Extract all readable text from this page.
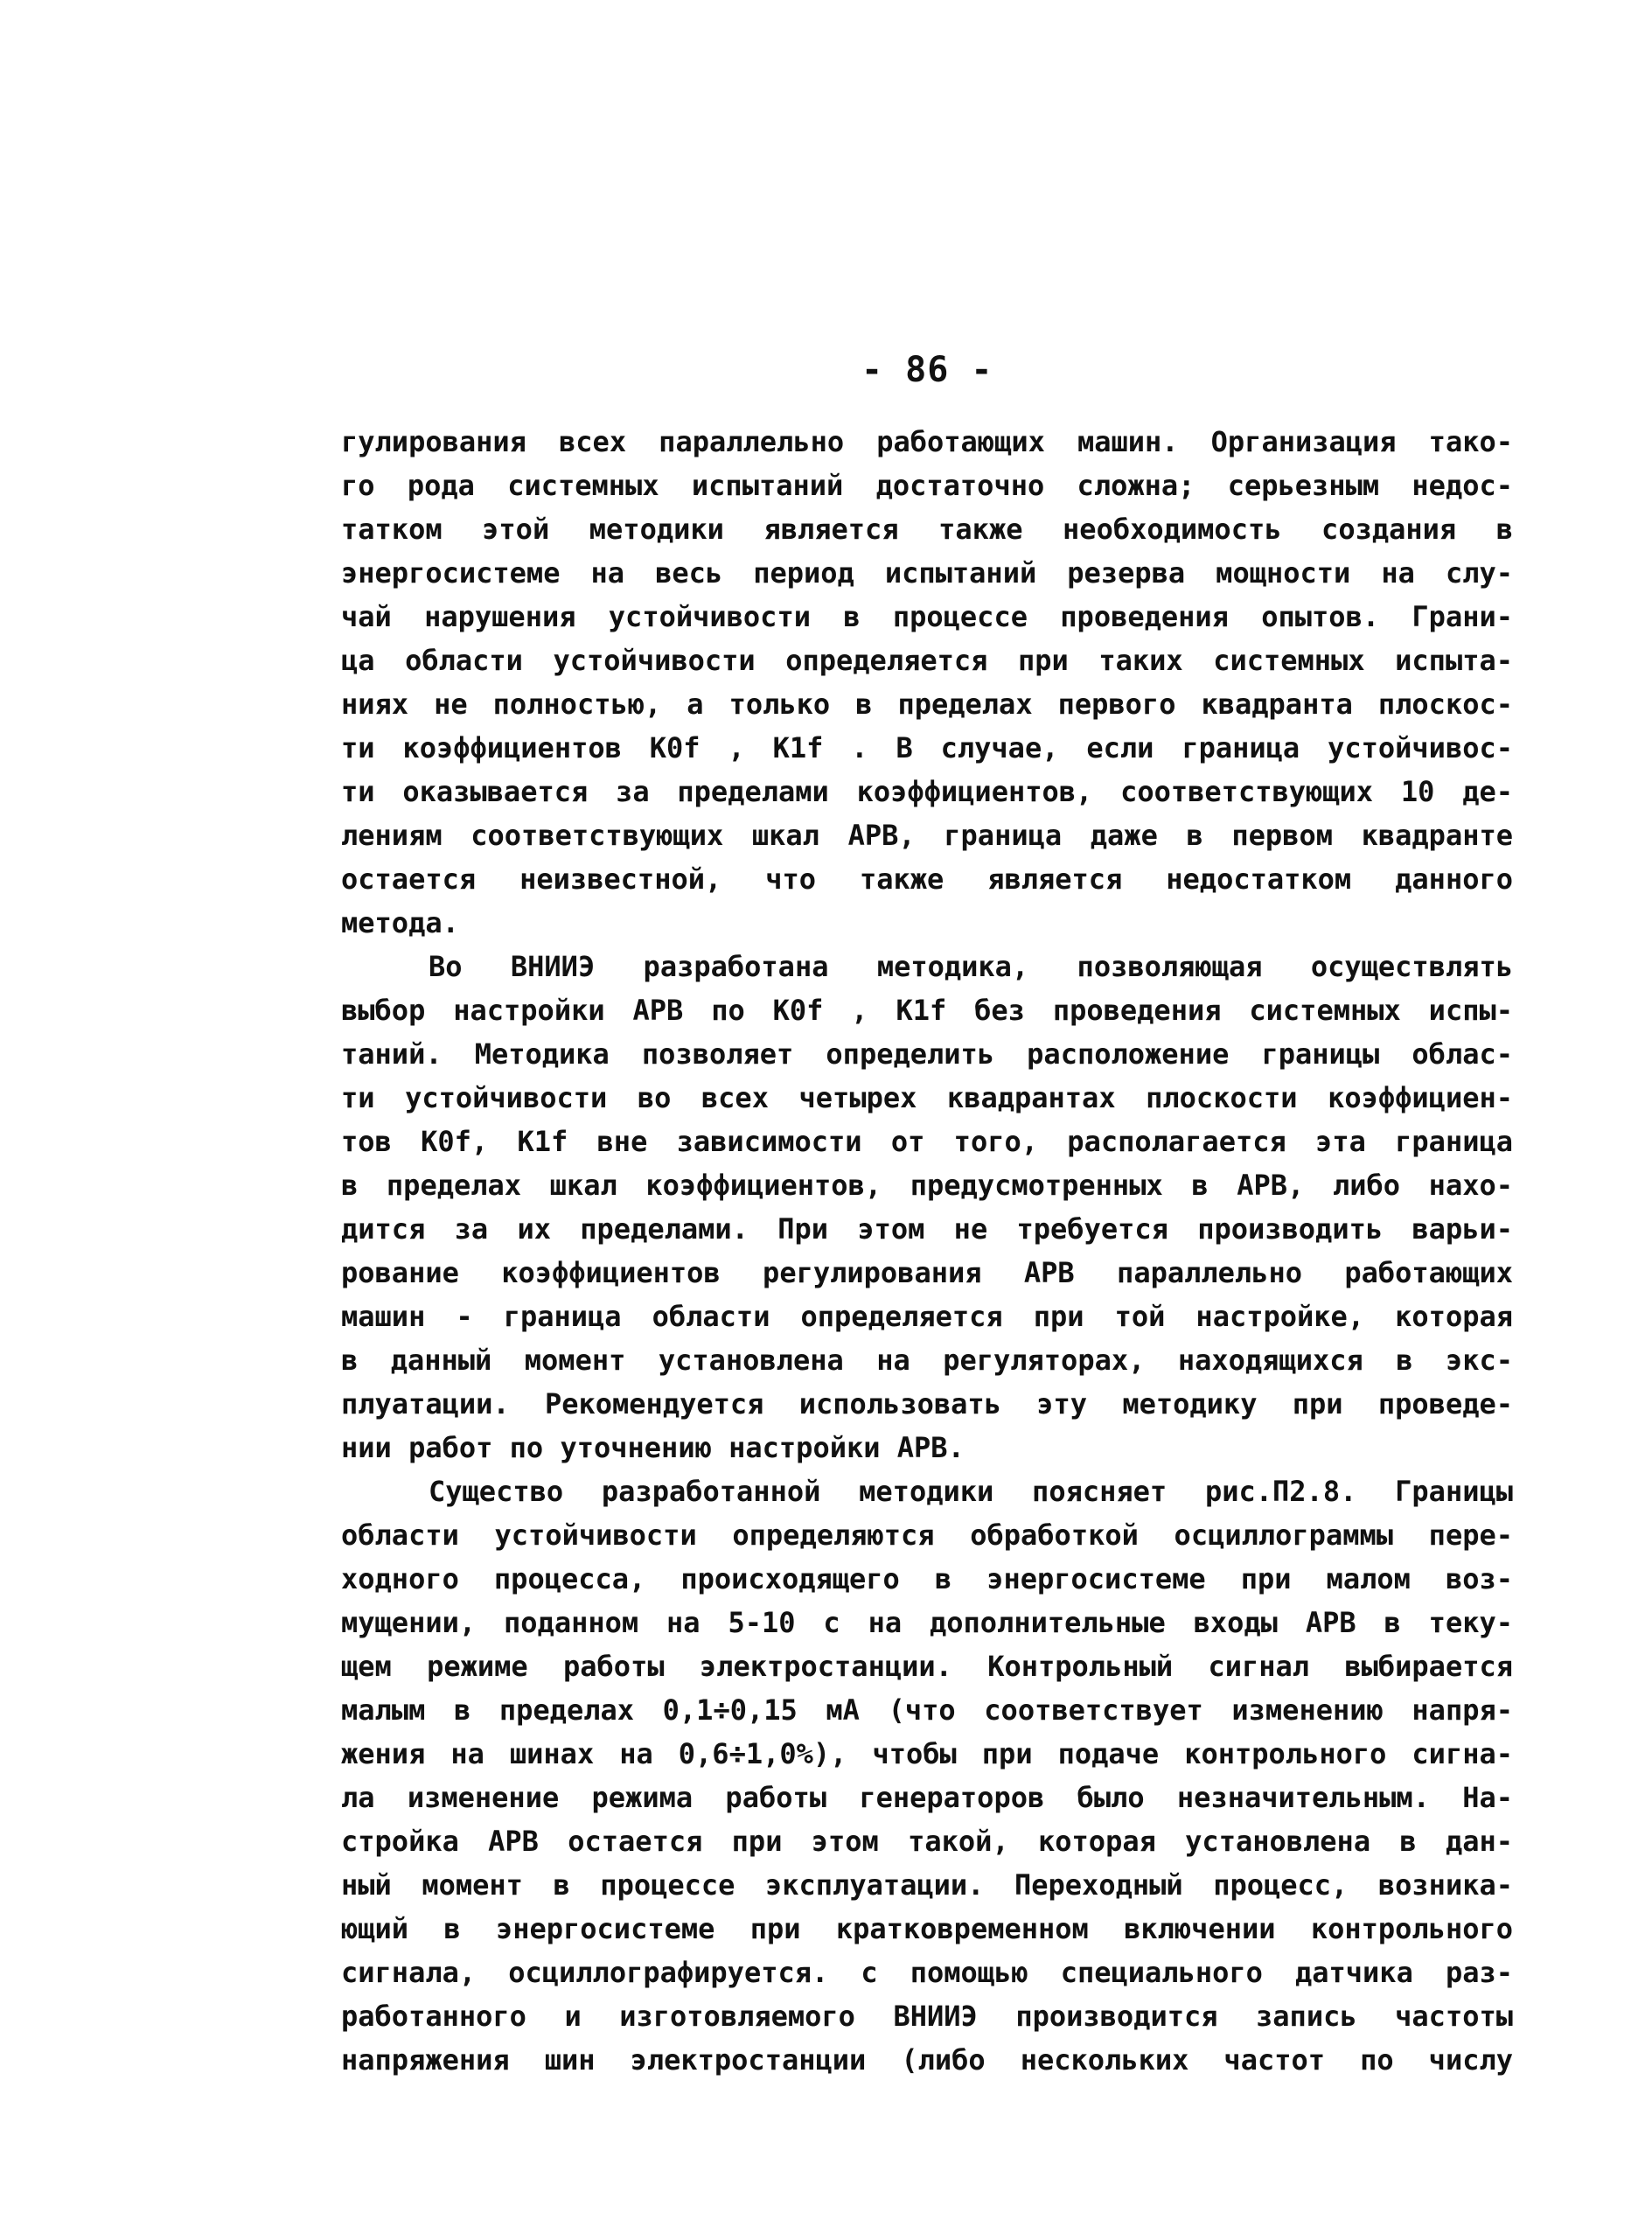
- 86 -
гулирования всех параллельно работающих машин. Организация тако-
го рода системных испытаний достаточно сложна; серьезным недос-
татком этой методики является также необходимость создания в
энергосистеме на весь период испытаний резерва мощности на слу-
чай нарушения устойчивости в процессе проведения опытов. Грани-
ца области устойчивости определяется при таких системных испыта-
ниях не полностью, а только в пределах первого квадранта плоскос-
ти коэффициентов K0f , K1f . В случае, если граница устойчивос-
ти оказывается за пределами коэффициентов, соответствующих 10 де-
лениям соответствующих шкал АРВ, граница даже в первом квадранте
остается неизвестной, что также является недостатком данного
метода.
Во ВНИИЭ разработана методика, позволяющая осуществлять
выбор настройки АРВ по K0f , K1f без проведения системных испы-
таний. Методика позволяет определить расположение границы облас-
ти устойчивости во всех четырех квадрантах плоскости коэффициен-
тов K0f, K1f вне зависимости от того, располагается эта граница
в пределах шкал коэффициентов, предусмотренных в АРВ, либо нахо-
дится за их пределами. При этом не требуется производить варьи-
рование коэффициентов регулирования АРВ параллельно работающих
машин - граница области определяется при той настройке, которая
в данный момент установлена на регуляторах, находящихся в экс-
плуатации. Рекомендуется использовать эту методику при проведе-
нии работ по уточнению настройки АРВ.
Существо разработанной методики поясняет рис.П2.8. Границы
области устойчивости определяются обработкой осциллограммы пере-
ходного процесса, происходящего в энергосистеме при малом воз-
мущении, поданном на 5-10 с на дополнительные входы АРВ в теку-
щем режиме работы электростанции. Контрольный сигнал выбирается
малым в пределах 0,1÷0,15 мА (что соответствует изменению напря-
жения на шинах на 0,6÷1,0%), чтобы при подаче контрольного сигна-
ла изменение режима работы генераторов было незначительным. На-
стройка АРВ остается при этом такой, которая установлена в дан-
ный момент в процессе эксплуатации. Переходный процесс, возника-
ющий в энергосистеме при кратковременном включении контрольного
сигнала, осциллографируется. с помощью специального датчика раз-
работанного и изготовляемого ВНИИЭ производится запись частоты
напряжения шин электростанции (либо нескольких частот по числу
